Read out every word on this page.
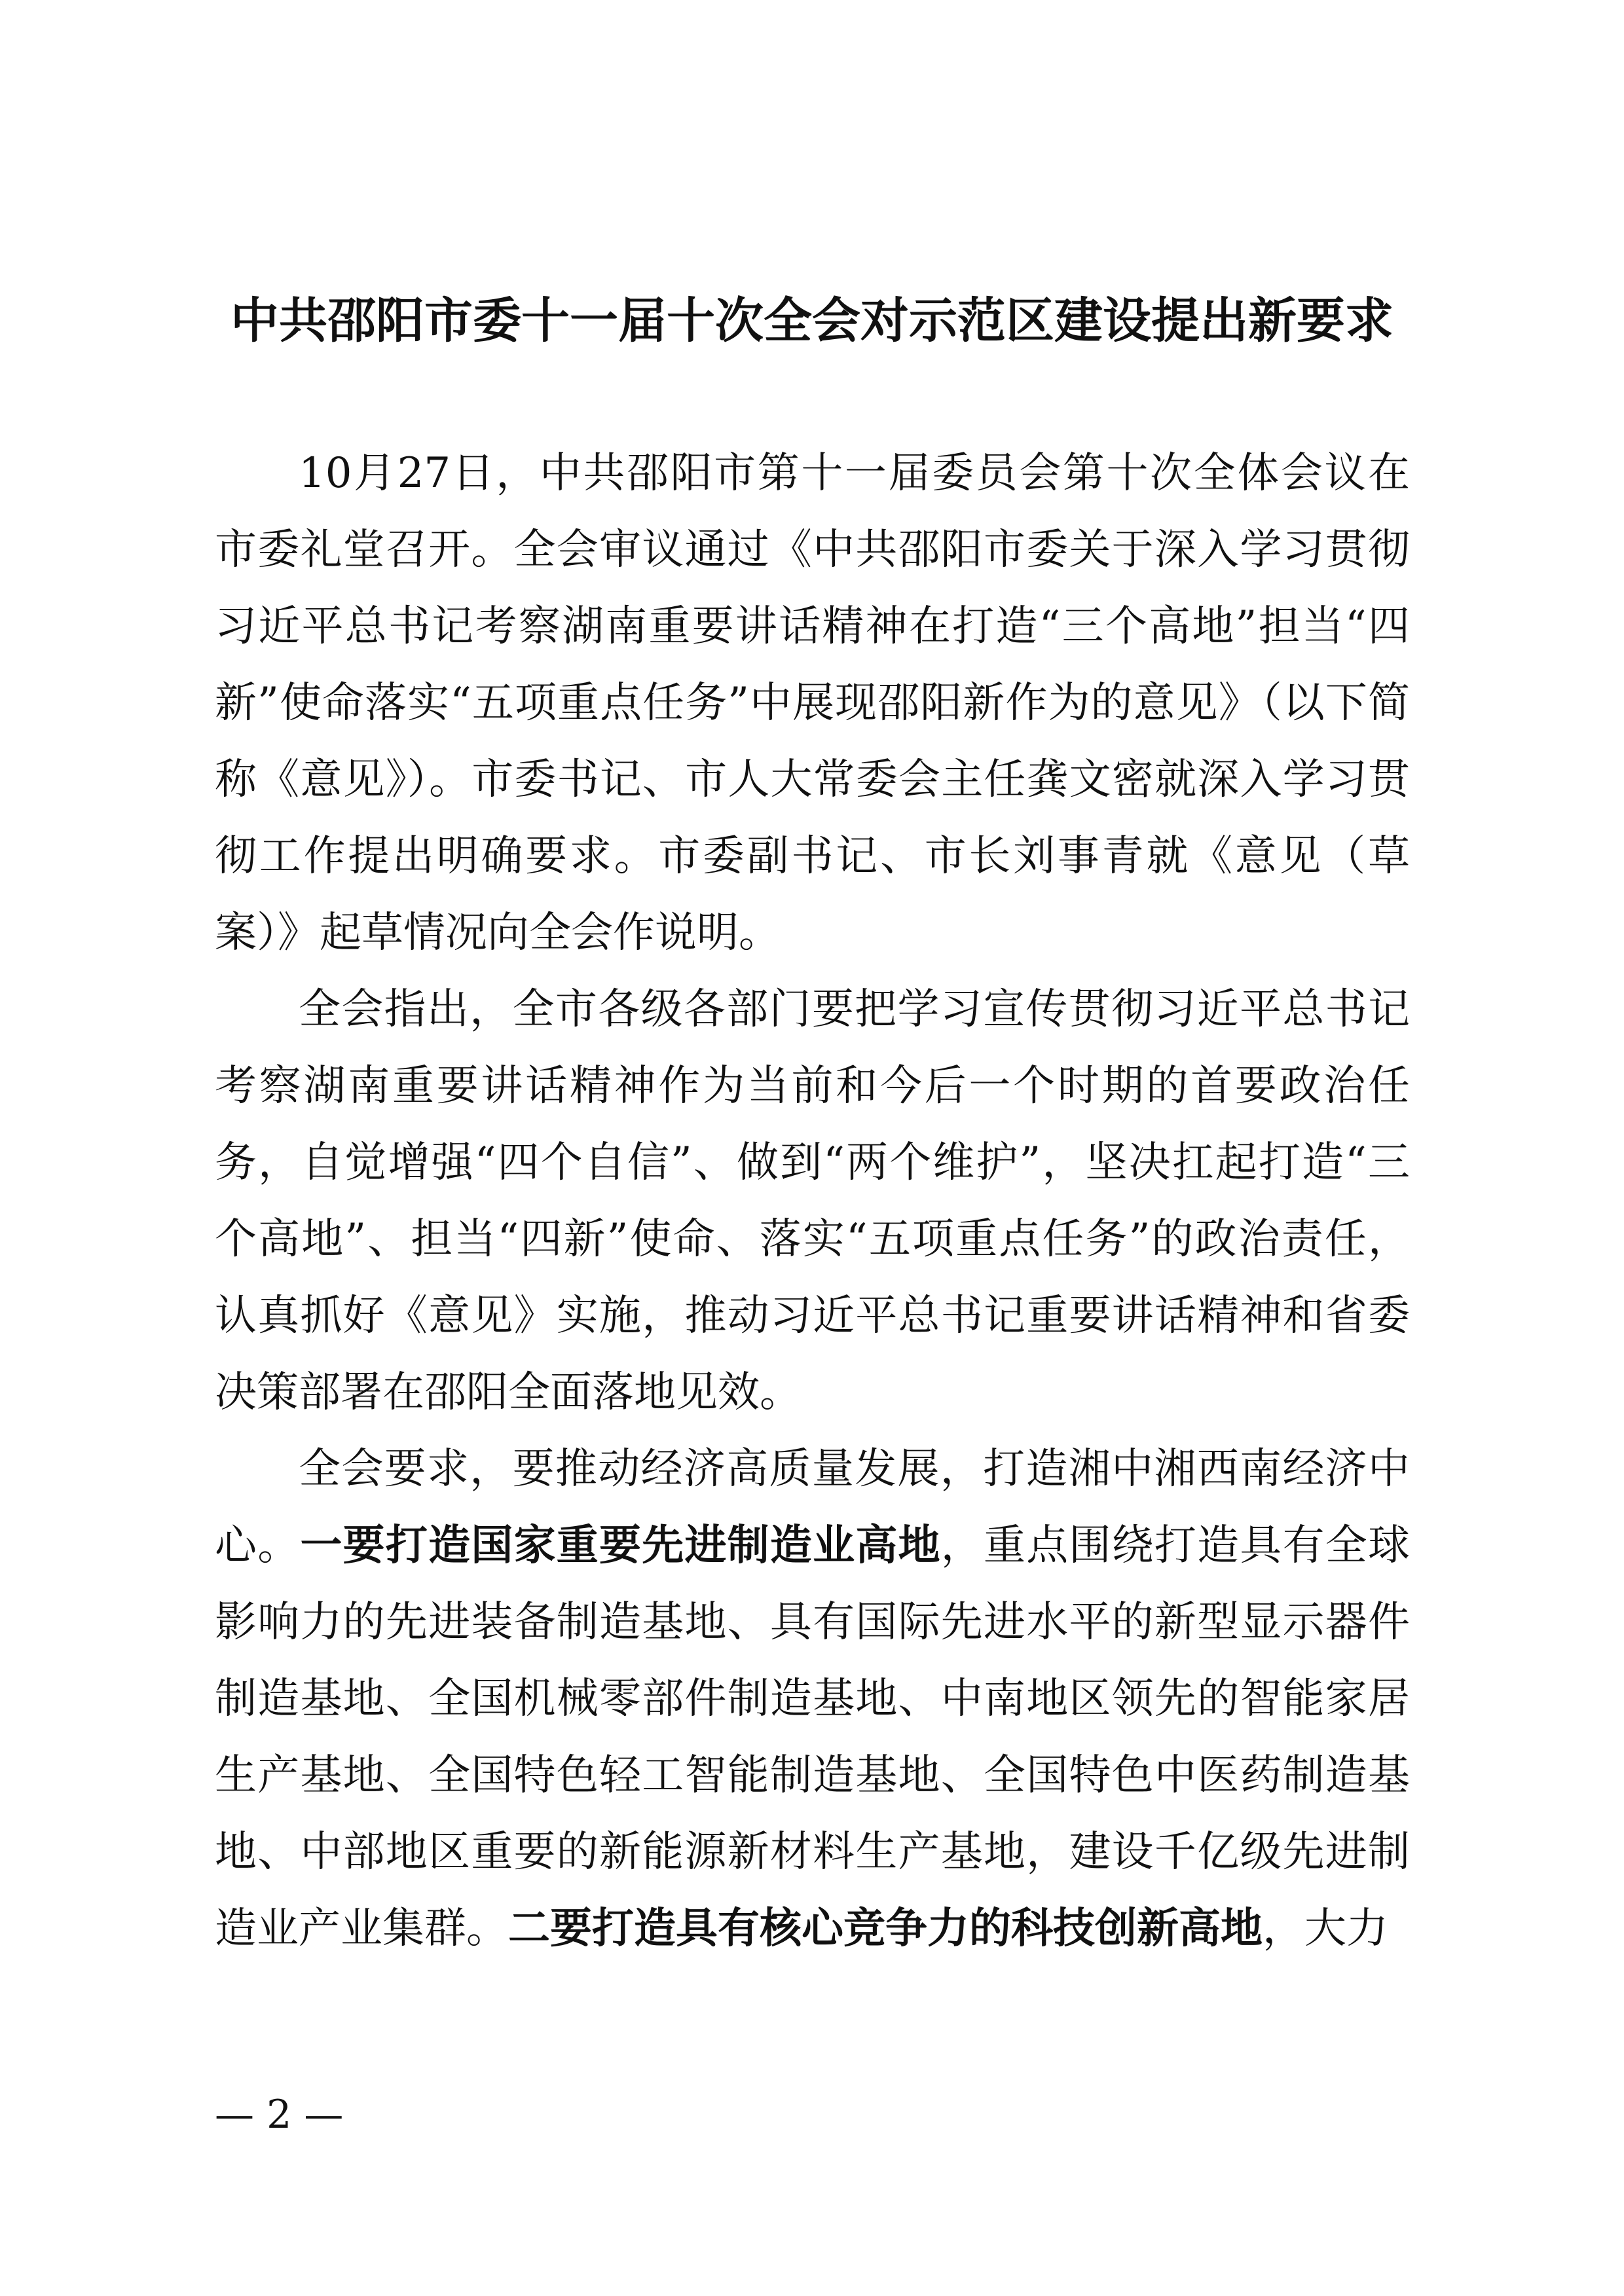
中共邵阳市委十一届十次全会对示范区建设提出新要求

10月27日，中共邵阳市第十一届委员会第十次全体会议在市委礼堂召开。全会审议通过《中共邵阳市委关于深入学习贯彻习近平总书记考察湖南重要讲话精神在打造“三个高地”担当“四新”使命落实“五项重点任务”中展现邵阳新作为的意见》（以下简称《意见》）。市委书记、市人大常委会主任龚文密就深入学习贯彻工作提出明确要求。市委副书记、市长刘事青就《意见（草案）》起草情况向全会作说明。

全会指出，全市各级各部门要把学习宣传贯彻习近平总书记考察湖南重要讲话精神作为当前和今后一个时期的首要政治任务，自觉增强“四个自信”、做到“两个维护”，坚决扛起打造“三个高地”、担当“四新”使命、落实“五项重点任务”的政治责任，认真抓好《意见》实施，推动习近平总书记重要讲话精神和省委决策部署在邵阳全面落地见效。

全会要求，要推动经济高质量发展，打造湘中湘西南经济中心。一要打造国家重要先进制造业高地，重点围绕打造具有全球影响力的先进装备制造基地、具有国际先进水平的新型显示器件制造基地、全国机械零部件制造基地、中南地区领先的智能家居生产基地、全国特色轻工智能制造基地、全国特色中医药制造基地、中部地区重要的新能源新材料生产基地，建设千亿级先进制造业产业集群。二要打造具有核心竞争力的科技创新高地，大力

— 2 —
